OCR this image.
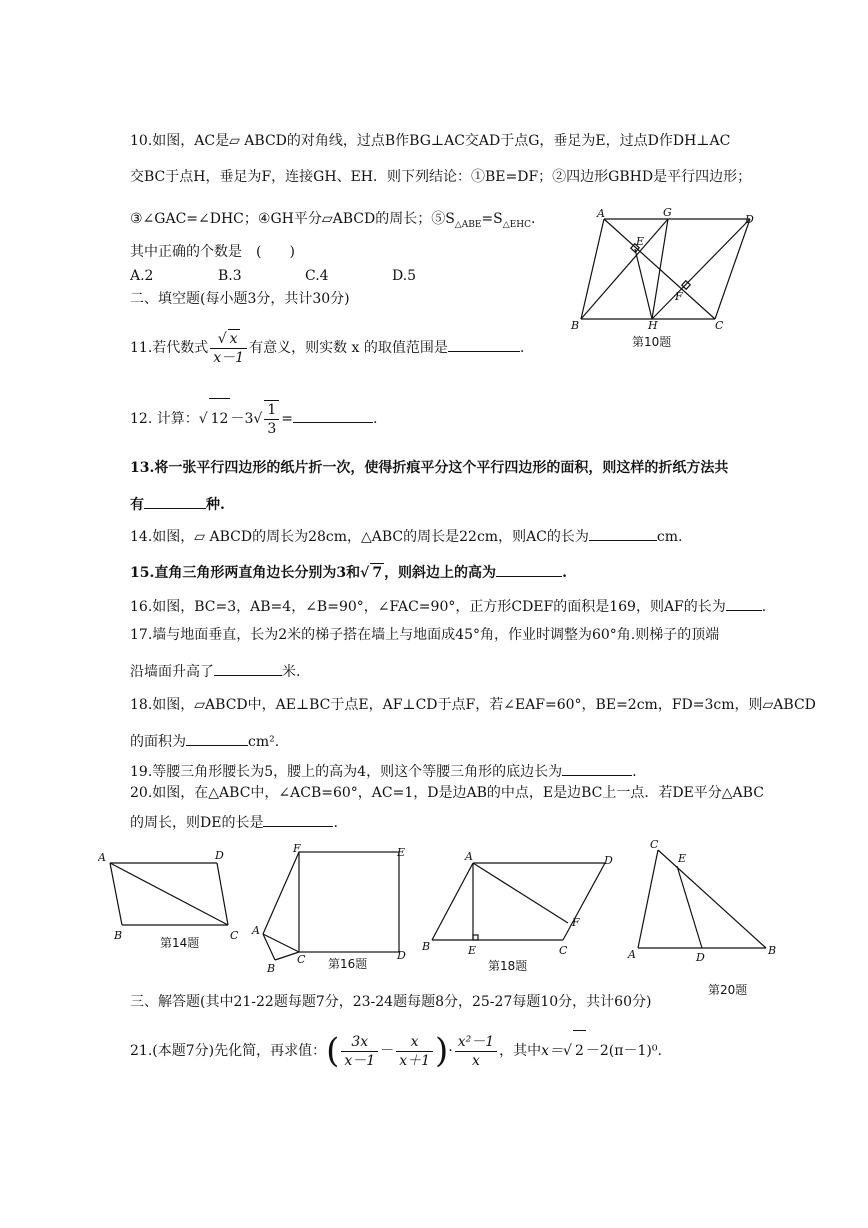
10.如图，AC是▱ ABCD的对角线，过点B作BG⊥AC交AD于点G，垂足为E，过点D作DH⊥AC
交BC于点H，垂足为F，连接GH、EH．则下列结论：①BE=DF；②四边形GBHD是平行四边形；
③∠GAC=∠DHC；④GH平分▱ABCD的周长；$⑤S_{\triangle ABE}=S_{\triangle EHC}$.
其中正确的个数是　(　　)
A.2	B.3	C.4	D.5
A	G
D
E
F
B	H	C
第10题
二、填空题(每小题3分，共计30分)
11.若代数式 $\frac{√ x}{x-1}$ 有意义，则实数 x 的取值范围是	.
12. 计算：√ $12 -3√ \frac{1}{3}$ =	.
13.将一张平行四边形的纸片折一次，使得折痕平分这个平行四边形的面积，则这样的折纸方法共
有	种.
14.如图，▱ ABCD的周长为28cm，△ABC的周长是22cm，则AC的长为	cm.
15.直角三角形两直角边长分别为3和√ 7 ，则斜边上的高为	.
16.如图，BC=3，AB=4，∠B=90°，∠FAC=90°，正方形CDEF的面积是169，则AF的长为	.
17.墙与地面垂直，长为2米的梯子搭在墙上与地面成45°角，作业时调整为60°角.则梯子的顶端
沿墙面升高了	米.
18.如图，▱ABCD中，AE⊥BC于点E，AF⊥CD于点F，若∠EAF=60°，BE=2cm，FD=3cm，则▱ABCD
的面积为	cm².
19.等腰三角形腰长为5，腰上的高为4，则这个等腰三角形的底边长为	.
20.如图，在△ABC中，∠ACB=60°，AC=1，D是边AB的中点，E是边BC上一点．若DE平分△ABC
的周长，则DE的长是	.
A	D
B	C
第14题
F	E
A
B
C	D
第16题
A	D
F
B	E	C
第18题
C
E
A	D
B
第20题
三、解答题(其中21-22题每题7分，23-24题每题8分，25-27每题10分，共计60分)
21.(本题7分)先化简，再求值：( $\frac{3x}{x-1} - \frac{x}{x+1}$ )· $\frac{\text{x²－1}}{x}$ ，其中x＝√ 2 －2(π－1)⁰.
